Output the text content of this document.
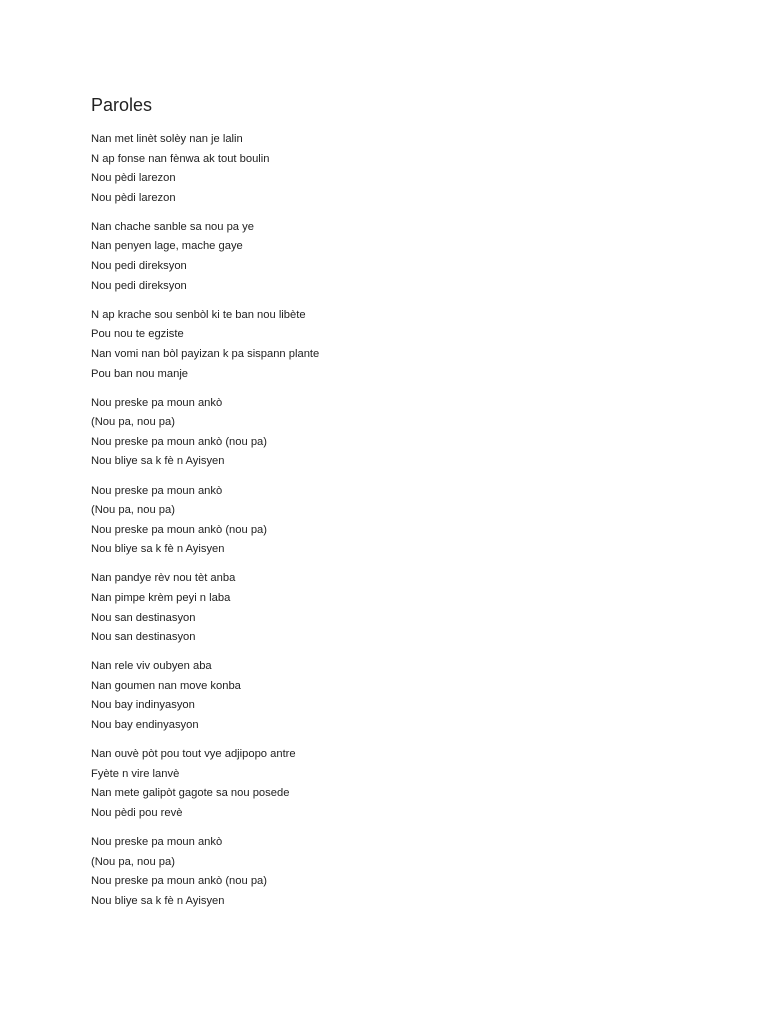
Paroles
Nan met linèt solèy nan je lalin
N ap fonse nan fènwa ak tout boulin
Nou pèdi larezon
Nou pèdi larezon
Nan chache sanble sa nou pa ye
Nan penyen lage, mache gaye
Nou pedi direksyon
Nou pedi direksyon
N ap krache sou senbòl ki te ban nou libète
Pou nou te egziste
Nan vomi nan bòl payizan k pa sispann plante
Pou ban nou manje
Nou preske pa moun ankò
(Nou pa, nou pa)
Nou preske pa moun ankò (nou pa)
Nou bliye sa k fè n Ayisyen
Nou preske pa moun ankò
(Nou pa, nou pa)
Nou preske pa moun ankò (nou pa)
Nou bliye sa k fè n Ayisyen
Nan pandye rèv nou tèt anba
Nan pimpe krèm peyi n laba
Nou san destinasyon
Nou san destinasyon
Nan rele viv oubyen aba
Nan goumen nan move konba
Nou bay indinyasyon
Nou bay endinyasyon
Nan ouvè pòt pou tout vye adjipopo antre
Fyète n vire lanvè
Nan mete galipòt gagote sa nou posede
Nou pèdi pou revè
Nou preske pa moun ankò
(Nou pa, nou pa)
Nou preske pa moun ankò (nou pa)
Nou bliye sa k fè n Ayisyen
